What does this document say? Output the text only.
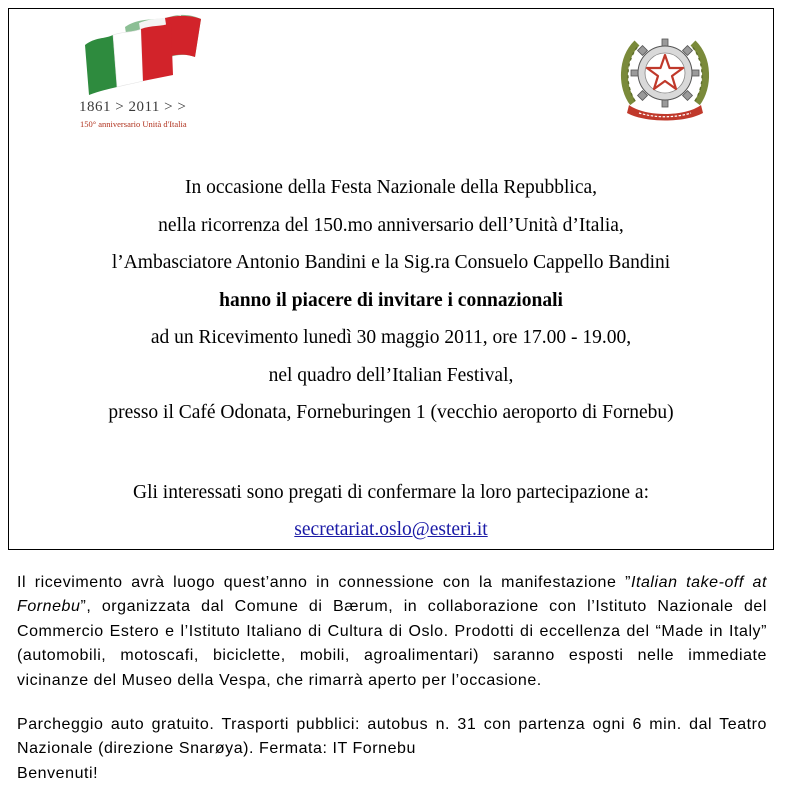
1861 > 2011 > >
150° anniversario Unità d'Italia
In occasione della Festa Nazionale della Repubblica,
nella ricorrenza del 150.mo anniversario dell’Unità d’Italia,
l’Ambasciatore Antonio Bandini e la Sig.ra Consuelo Cappello Bandini
hanno il piacere di invitare i connazionali
ad un Ricevimento lunedì 30 maggio 2011, ore 17.00 - 19.00,
nel quadro dell’Italian Festival,
presso il Café Odonata, Forneburingen 1 (vecchio aeroporto di Fornebu)
Gli interessati sono pregati di confermare la loro partecipazione a:
secretariat.oslo@esteri.it

Il ricevimento avrà luogo quest’anno in connessione con la manifestazione ”Italian take-off at Fornebu”, organizzata dal Comune di Bærum, in collaborazione con l’Istituto Nazionale del Commercio Estero e l’Istituto Italiano di Cultura di Oslo. Prodotti di eccellenza del “Made in Italy” (automobili, motoscafi, biciclette, mobili, agroalimentari) saranno esposti nelle immediate vicinanze del Museo della Vespa, che rimarrà aperto per l’occasione.

Parcheggio auto gratuito. Trasporti pubblici: autobus n. 31 con partenza ogni 6 min. dal Teatro Nazionale (direzione Snarøya). Fermata: IT Fornebu

Benvenuti!
